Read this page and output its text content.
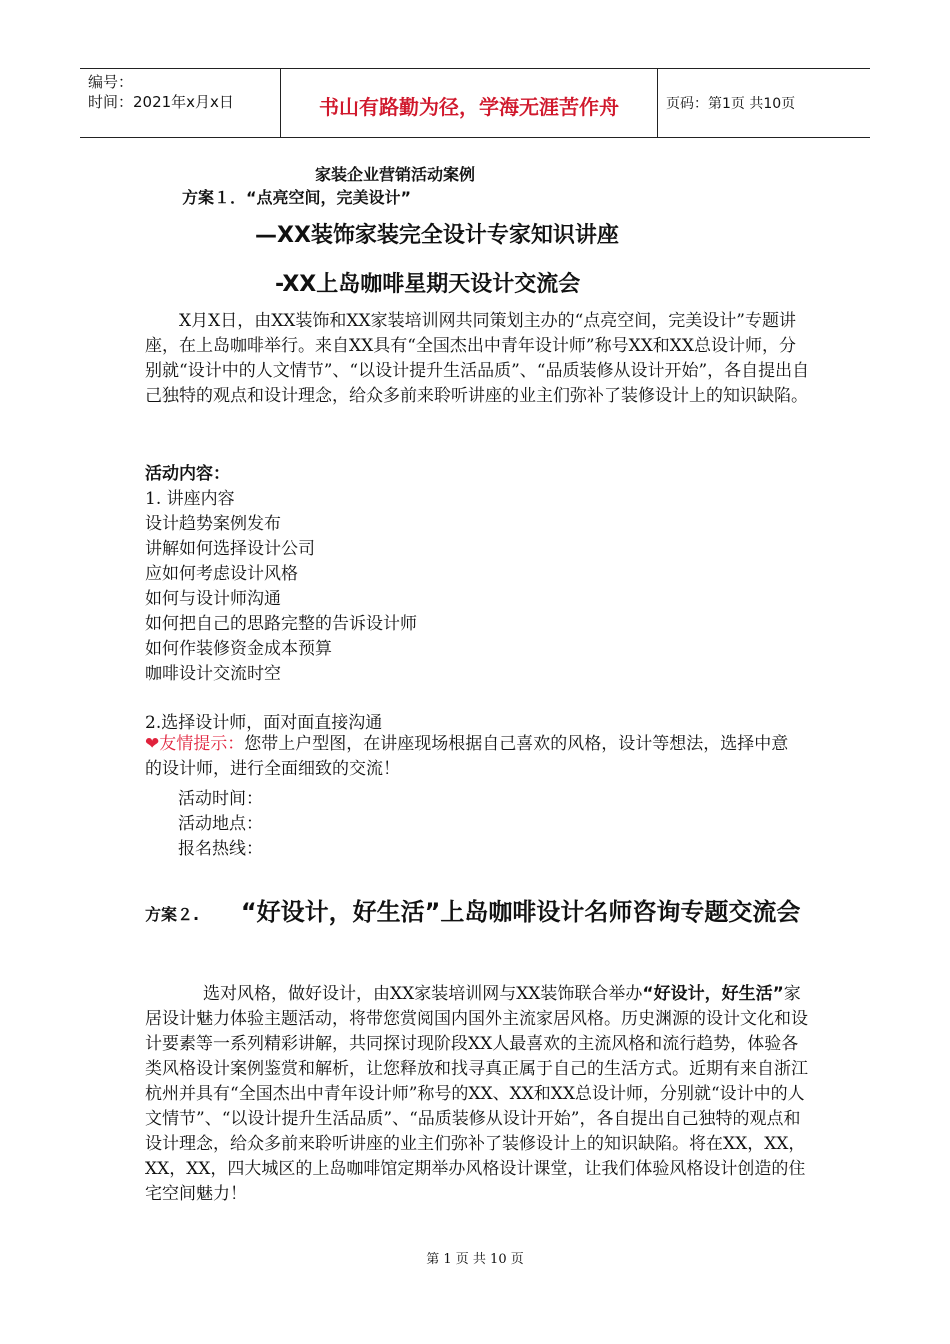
编号：
时间：2021年x月x日	书山有路勤为径，学海无涯苦作舟	页码：第1页 共10页
家装企业营销活动案例
方案１．“点亮空间，完美设计”
—XX装饰家装完全设计专家知识讲座
-XX上岛咖啡星期天设计交流会
X月X日，由XX装饰和XX家装培训网共同策划主办的“点亮空间，完美设计”专题讲座，在上岛咖啡举行。来自XX具有“全国杰出中青年设计师”称号XX和XX总设计师，分别就“设计中的人文情节”、“以设计提升生活品质”、“品质装修从设计开始”，各自提出自己独特的观点和设计理念，给众多前来聆听讲座的业主们弥补了装修设计上的知识缺陷。
活动内容：
1. 讲座内容
设计趋势案例发布
讲解如何选择设计公司
应如何考虑设计风格
如何与设计师沟通
如何把自己的思路完整的告诉设计师
如何作装修资金成本预算
咖啡设计交流时空
2.选择设计师，面对面直接沟通
❤友情提示：您带上户型图，在讲座现场根据自己喜欢的风格，设计等想法，选择中意的设计师，进行全面细致的交流！
活动时间：
活动地点：
报名热线：
方案２. “好设计，好生活”上岛咖啡设计名师咨询专题交流会
选对风格，做好设计，由XX家装培训网与XX装饰联合举办“好设计，好生活”家居设计魅力体验主题活动，将带您赏阅国内国外主流家居风格。历史渊源的设计文化和设计要素等一系列精彩讲解，共同探讨现阶段XX人最喜欢的主流风格和流行趋势，体验各类风格设计案例鉴赏和解析，让您释放和找寻真正属于自己的生活方式。近期有来自浙江杭州并具有“全国杰出中青年设计师”称号的XX、XX和XX总设计师，分别就“设计中的人文情节”、“以设计提升生活品质”、“品质装修从设计开始”，各自提出自己独特的观点和设计理念，给众多前来聆听讲座的业主们弥补了装修设计上的知识缺陷。将在XX，XX，XX，XX，四大城区的上岛咖啡馆定期举办风格设计课堂，让我们体验风格设计创造的住宅空间魅力！
第 1 页 共 10 页
